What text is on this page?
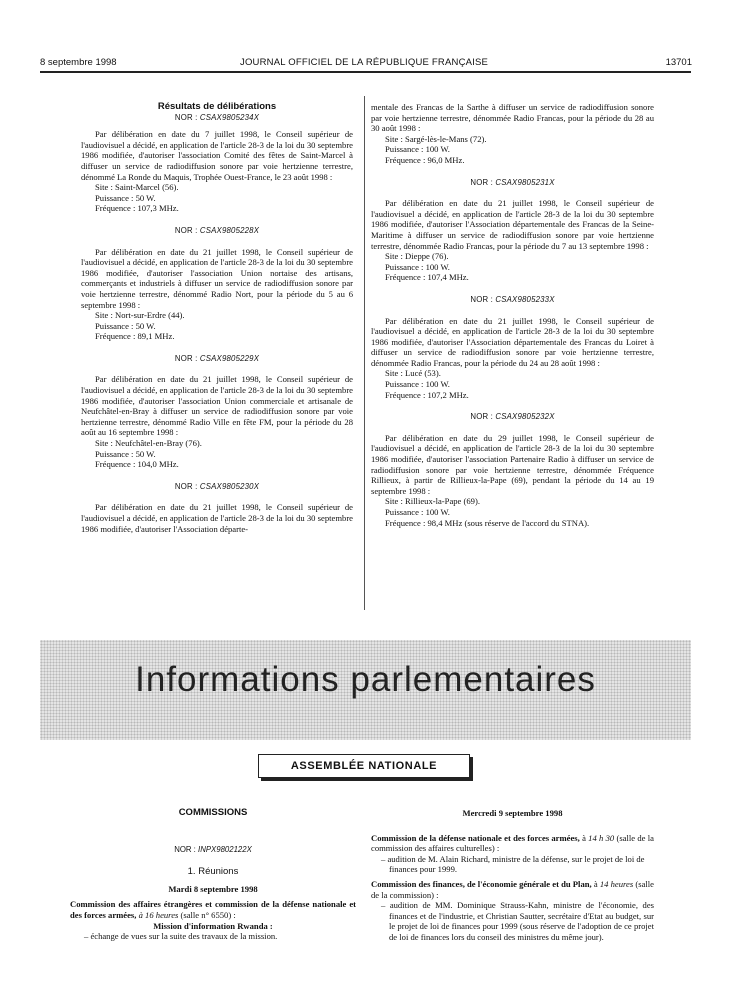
8 septembre 1998	JOURNAL OFFICIEL DE LA RÉPUBLIQUE FRANÇAISE	13701

Résultats de délibérations

NOR : CSAX9805234X

Par délibération en date du 7 juillet 1998, le Conseil supérieur de l'audiovisuel a décidé, en application de l'article 28-3 de la loi du 30 septembre 1986 modifiée, d'autoriser l'association Comité des fêtes de Saint-Marcel à diffuser un service de radiodiffusion sonore par voie hertzienne terrestre, dénommé La Ronde du Maquis, Trophée Ouest-France, le 23 août 1998 :

Site : Saint-Marcel (56).

Puissance : 50 W.

Fréquence : 107,3 MHz.

NOR : CSAX9805228X

Par délibération en date du 21 juillet 1998, le Conseil supérieur de l'audiovisuel a décidé, en application de l'article 28-3 de la loi du 30 septembre 1986 modifiée, d'autoriser l'association Union nortaise des artisans, commerçants et industriels à diffuser un service de radiodiffusion sonore par voie hertzienne terrestre, dénommé Radio Nort, pour la période du 5 au 6 septembre 1998 :

Site : Nort-sur-Erdre (44).

Puissance : 50 W.

Fréquence : 89,1 MHz.

NOR : CSAX9805229X

Par délibération en date du 21 juillet 1998, le Conseil supérieur de l'audiovisuel a décidé, en application de l'article 28-3 de la loi du 30 septembre 1986 modifiée, d'autoriser l'association Union commerciale et artisanale de Neufchâtel-en-Bray à diffuser un service de radiodiffusion sonore par voie hertzienne terrestre, dénommé Radio Ville en fête FM, pour la période du 28 août au 16 septembre 1998 :

Site : Neufchâtel-en-Bray (76).

Puissance : 50 W.

Fréquence : 104,0 MHz.

NOR : CSAX9805230X

Par délibération en date du 21 juillet 1998, le Conseil supérieur de l'audiovisuel a décidé, en application de l'article 28-3 de la loi du 30 septembre 1986 modifiée, d'autoriser l'Association départe-

mentale des Francas de la Sarthe à diffuser un service de radiodiffusion sonore par voie hertzienne terrestre, dénommée Radio Francas, pour la période du 28 au 30 août 1998 :

Site : Sargé-lès-le-Mans (72).

Puissance : 100 W.

Fréquence : 96,0 MHz.

NOR : CSAX9805231X

Par délibération en date du 21 juillet 1998, le Conseil supérieur de l'audiovisuel a décidé, en application de l'article 28-3 de la loi du 30 septembre 1986 modifiée, d'autoriser l'Association départementale des Francas de la Seine-Maritime à diffuser un service de radiodiffusion sonore par voie hertzienne terrestre, dénommée Radio Francas, pour la période du 7 au 13 septembre 1998 :

Site : Dieppe (76).

Puissance : 100 W.

Fréquence : 107,4 MHz.

NOR : CSAX9805233X

Par délibération en date du 21 juillet 1998, le Conseil supérieur de l'audiovisuel a décidé, en application de l'article 28-3 de la loi du 30 septembre 1986 modifiée, d'autoriser l'Association départementale des Francas du Loiret à diffuser un service de radiodiffusion sonore par voie hertzienne terrestre, dénommée Radio Francas, pour la période du 24 au 28 août 1998 :

Site : Lucé (53).

Puissance : 100 W.

Fréquence : 107,2 MHz.

NOR : CSAX9805232X

Par délibération en date du 29 juillet 1998, le Conseil supérieur de l'audiovisuel a décidé, en application de l'article 28-3 de la loi du 30 septembre 1986 modifiée, d'autoriser l'association Partenaire Radio à diffuser un service de radiodiffusion sonore par voie hertzienne terrestre, dénommée Fréquence Rillieux, à partir de Rillieux-la-Pape (69), pendant la période du 14 au 19 septembre 1998 :

Site : Rillieux-la-Pape (69).

Puissance : 100 W.

Fréquence : 98,4 MHz (sous réserve de l'accord du STNA).

Informations parlementaires
ASSEMBLÉE NATIONALE

COMMISSIONS

NOR : INPX9802122X

1. Réunions

Mardi 8 septembre 1998

Commission des affaires étrangères et commission de la défense nationale et des forces armées, à 16 heures (salle n° 6550) :

Mission d'information Rwanda :

– échange de vues sur la suite des travaux de la mission.

Mercredi 9 septembre 1998

Commission de la défense nationale et des forces armées, à 14 h 30 (salle de la commission des affaires culturelles) :

– audition de M. Alain Richard, ministre de la défense, sur le projet de loi de finances pour 1999.

Commission des finances, de l'économie générale et du Plan, à 14 heures (salle de la commission) :

– audition de MM. Dominique Strauss-Kahn, ministre de l'économie, des finances et de l'industrie, et Christian Sautter, secrétaire d'Etat au budget, sur le projet de loi de finances pour 1999 (sous réserve de l'adoption de ce projet de loi de finances lors du conseil des ministres du même jour).
